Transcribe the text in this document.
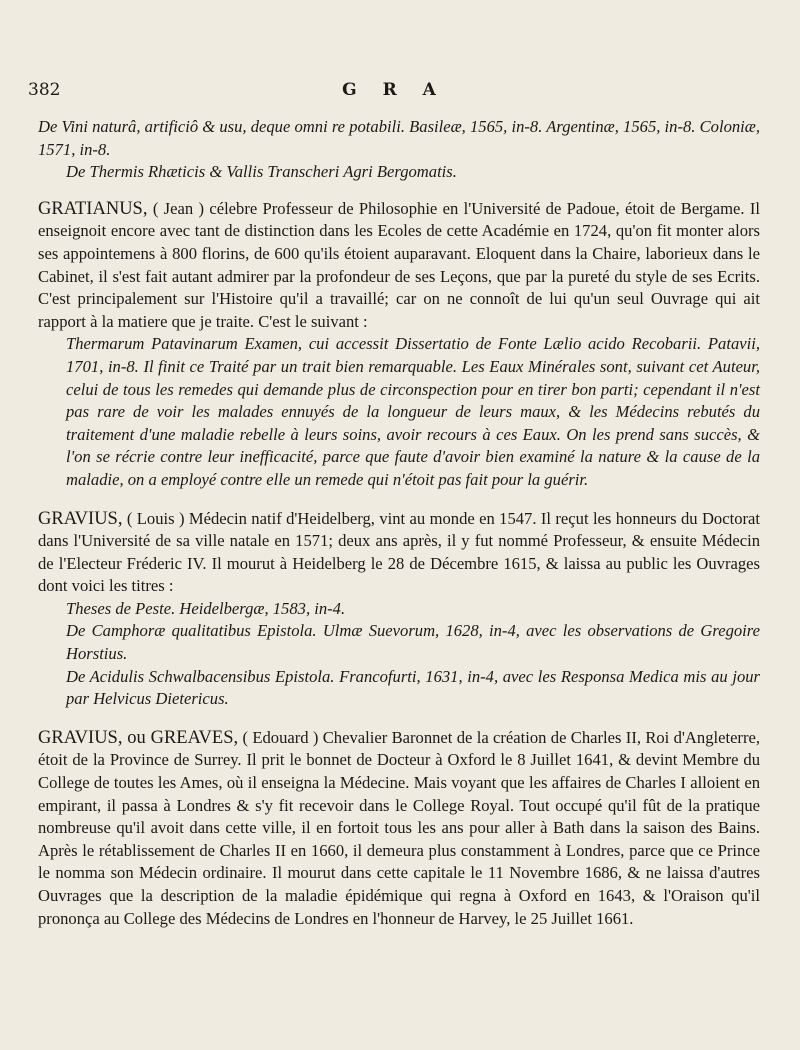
382	G R A

De Vini naturâ, artificiô & usu, deque omni re potabili. Basileæ, 1565, in-8. Argentinæ, 1565, in-8. Coloniæ, 1571, in-8.

De Thermis Rhæticis & Vallis Transcheri Agri Bergomatis.

GRATIANUS, ( Jean ) célebre Professeur de Philosophie en l'Université de Padoue, étoit de Bergame. Il enseignoit encore avec tant de distinction dans les Ecoles de cette Académie en 1724, qu'on fit monter alors ses appointemens à 800 florins, de 600 qu'ils étoient auparavant. Eloquent dans la Chaire, laborieux dans le Cabinet, il s'est fait autant admirer par la profondeur de ses Leçons, que par la pureté du style de ses Ecrits. C'est principalement sur l'Histoire qu'il a travaillé; car on ne connoît de lui qu'un seul Ouvrage qui ait rapport à la matiere que je traite. C'est le suivant :

Thermarum Patavinarum Examen, cui accessit Dissertatio de Fonte Lælio acido Recobarii. Patavii, 1701, in-8. Il finit ce Traité par un trait bien remarquable. Les Eaux Minérales sont, suivant cet Auteur, celui de tous les remedes qui demande plus de circonspection pour en tirer bon parti; cependant il n'est pas rare de voir les malades ennuyés de la longueur de leurs maux, & les Médecins rebutés du traitement d'une maladie rebelle à leurs soins, avoir recours à ces Eaux. On les prend sans succès, & l'on se récrie contre leur inefficacité, parce que faute d'avoir bien examiné la nature & la cause de la maladie, on a employé contre elle un remede qui n'étoit pas fait pour la guérir.

GRAVIUS, ( Louis ) Médecin natif d'Heidelberg, vint au monde en 1547. Il reçut les honneurs du Doctorat dans l'Université de sa ville natale en 1571; deux ans après, il y fut nommé Professeur, & ensuite Médecin de l'Electeur Fréderic IV. Il mourut à Heidelberg le 28 de Décembre 1615, & laissa au public les Ouvrages dont voici les titres :

Theses de Peste. Heidelbergæ, 1583, in-4.

De Camphoræ qualitatibus Epistola. Ulmæ Suevorum, 1628, in-4, avec les observations de Gregoire Horstius.

De Acidulis Schwalbacensibus Epistola. Francofurti, 1631, in-4, avec les Responsa Medica mis au jour par Helvicus Dietericus.

GRAVIUS, ou GREAVES, ( Edouard ) Chevalier Baronnet de la création de Charles II, Roi d'Angleterre, étoit de la Province de Surrey. Il prit le bonnet de Docteur à Oxford le 8 Juillet 1641, & devint Membre du College de toutes les Ames, où il enseigna la Médecine. Mais voyant que les affaires de Charles I alloient en empirant, il passa à Londres & s'y fit recevoir dans le College Royal. Tout occupé qu'il fût de la pratique nombreuse qu'il avoit dans cette ville, il en fortoit tous les ans pour aller à Bath dans la saison des Bains. Après le rétablissement de Charles II en 1660, il demeura plus constamment à Londres, parce que ce Prince le nomma son Médecin ordinaire. Il mourut dans cette capitale le 11 Novembre 1686, & ne laissa d'autres Ouvrages que la description de la maladie épidémique qui regna à Oxford en 1643, & l'Oraison qu'il prononça au College des Médecins de Londres en l'honneur de Harvey, le 25 Juillet 1661.
